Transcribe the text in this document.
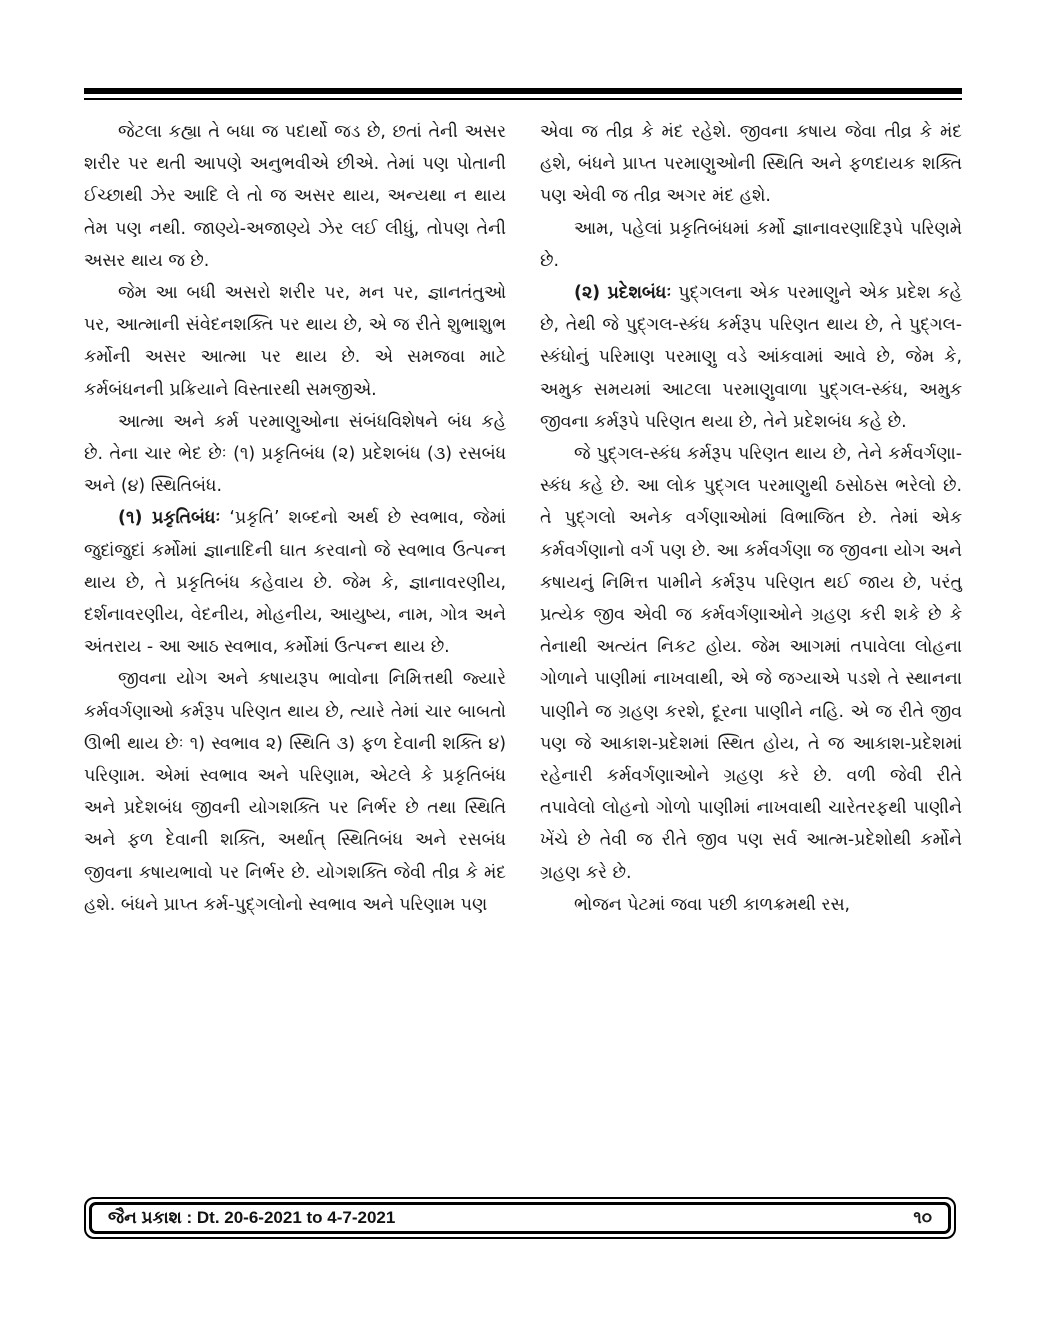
જેટલા કહ્યા તે બધા જ પદાર્થો જડ છે, છતાં તેની અસર શરીર પર થતી આપણે અનુભવીએ છીએ. તેમાં પણ પોતાની ઈચ્છાથી ઝેર આદિ લે તો જ અસર થાય, અન્યથા ન થાય તેમ પણ નથી. જાણ્યે-અજાણ્યે ઝેર લઈ લીધું, તોપણ તેની અસર થાય જ છે.

જેમ આ બધી અસરો શરીર પર, મન પર, જ્ઞાનતંતુઓ પર, આત્માની સંવેદનશક્તિ પર થાય છે, એ જ રીતે શુભાશુભ કર્મોની અસર આત્મા પર થાય છે. એ સમજવા માટે કર્મબંધનની પ્રક્રિયાને વિસ્તારથી સમજીએ.

આત્મા અને કર્મ પરમાણુઓના સંબંધવિશેષને બંધ કહે છે. તેના ચાર ભેદ છેઃ (૧) પ્રકૃતિબંધ (૨) પ્રદેશબંધ (૩) રસબંધ અને (૪) સ્થિતિબંધ.

(૧) પ્રકૃતિબંધઃ ‘પ્રકૃતિ’ શબ્દનો અર્થ છે સ્વભાવ, જેમાં જુદાંજુદાં કર્મોમાં જ્ઞાનાદિની ઘાત કરવાનો જે સ્વભાવ ઉત્પન્ન થાય છે, તે પ્રકૃતિબંધ કહેવાય છે. જેમ કે, જ્ઞાનાવરણીય, દર્શનાવરણીય, વેદનીય, મોહનીય, આયુષ્ય, નામ, ગોત્ર અને અંતરાય - આ આઠ સ્વભાવ, કર્મોમાં ઉત્પન્ન થાય છે.

જીવના યોગ અને કષાયરૂપ ભાવોના નિમિત્તથી જ્યારે કર્મવર્ગણાઓ કર્મરૂપ પરિણત થાય છે, ત્યારે તેમાં ચાર બાબતો ઊભી થાય છેઃ ૧) સ્વભાવ ૨) સ્થિતિ ૩) ફળ દેવાની શક્તિ ૪) પરિણામ. એમાં સ્વભાવ અને પરિણામ, એટલે કે પ્રકૃતિબંધ અને પ્રદેશબંધ જીવની યોગશક્તિ પર નિર્ભર છે તથા સ્થિતિ અને ફળ દેવાની શક્તિ, અર્થાત્ સ્થિતિબંધ અને રસબંધ જીવના કષાયભાવો પર નિર્ભર છે. યોગશક્તિ જેવી તીવ્ર કે મંદ હશે. બંધને પ્રાપ્ત કર્મ-પુદ્ગલોનો સ્વભાવ અને પરિણામ પણ

એવા જ તીવ્ર કે મંદ રહેશે. જીવના કષાય જેવા તીવ્ર કે મંદ હશે, બંધને પ્રાપ્ત પરમાણુઓની સ્થિતિ અને ફળદાયક શક્તિ પણ એવી જ તીવ્ર અગર મંદ હશે.

આમ, પહેલાં પ્રકૃતિબંધમાં કર્મો જ્ઞાનાવરણાદિરૂપે પરિણમે છે.

(૨) પ્રદેશબંધઃ પુદ્ગલના એક પરમાણુને એક પ્રદેશ કહે છે, તેથી જે પુદ્ગલ-સ્કંધ કર્મરૂપ પરિણત થાય છે, તે પુદ્ગલ-સ્કંધોનું પરિમાણ પરમાણુ વડે આંકવામાં આવે છે, જેમ કે, અમુક સમયમાં આટલા પરમાણુવાળા પુદ્ગલ-સ્કંધ, અમુક જીવના કર્મરૂપે પરિણત થયા છે, તેને પ્રદેશબંધ કહે છે.

જે પુદ્ગલ-સ્કંધ કર્મરૂપ પરિણત થાય છે, તેને કર્મવર્ગણા-સ્કંધ કહે છે. આ લોક પુદ્ગલ પરમાણુથી ઠસોઠસ ભરેલો છે. તે પુદ્ગલો અનેક વર્ગણાઓમાં વિભાજિત છે. તેમાં એક કર્મવર્ગણાનો વર્ગ પણ છે. આ કર્મવર્ગણા જ જીવના યોગ અને કષાયનું નિમિત્ત પામીને કર્મરૂપ પરિણત થઈ જાય છે, પરંતુ પ્રત્યેક જીવ એવી જ કર્મવર્ગણાઓને ગ્રહણ કરી શકે છે કે તેનાથી અત્યંત નિકટ હોય. જેમ આગમાં તપાવેલા લોહના ગોળાને પાણીમાં નાખવાથી, એ જે જગ્યાએ પડશે તે સ્થાનના પાણીને જ ગ્રહણ કરશે, દૂરના પાણીને નહિ. એ જ રીતે જીવ પણ જે આકાશ-પ્રદેશમાં સ્થિત હોય, તે જ આકાશ-પ્રદેશમાં રહેનારી કર્મવર્ગણાઓને ગ્રહણ કરે છે. વળી જેવી રીતે તપાવેલો લોહનો ગોળો પાણીમાં નાખવાથી ચારેતરફથી પાણીને ખેંચે છે તેવી જ રીતે જીવ પણ સર્વ આત્મ-પ્રદેશોથી કર્મોને ગ્રહણ કરે છે.

ભોજન પેટમાં જવા પછી કાળક્રમથી રસ,

જૈન પ્રકાશ : Dt. 20-6-2021 to 4-7-2021	૧૦
